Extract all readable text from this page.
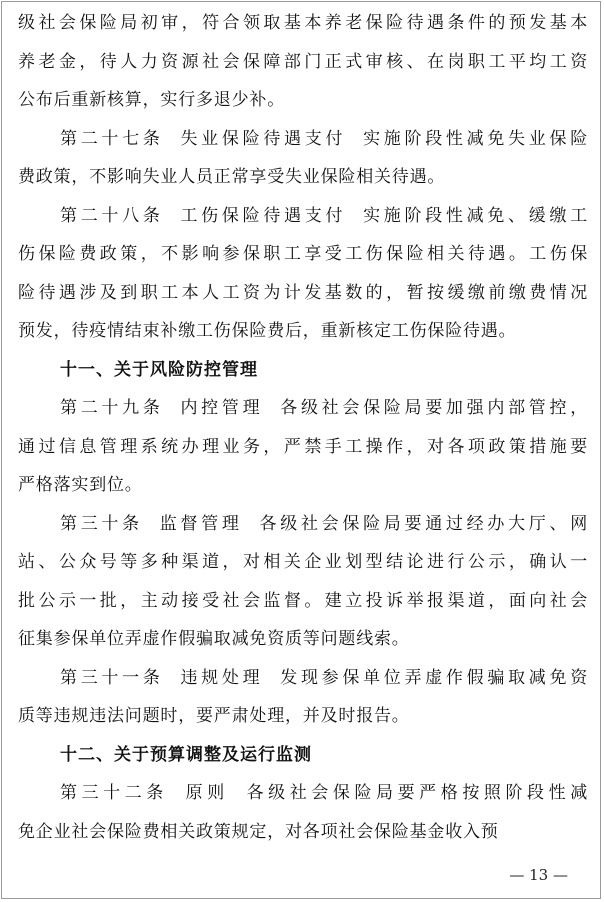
级社会保险局初审，符合领取基本养老保险待遇条件的预发基本
养老金，待人力资源社会保障部门正式审核、在岗职工平均工资
公布后重新核算，实行多退少补。
第二十七条 失业保险待遇支付 实施阶段性减免失业保险
费政策，不影响失业人员正常享受失业保险相关待遇。
第二十八条 工伤保险待遇支付 实施阶段性减免、缓缴工
伤保险费政策，不影响参保职工享受工伤保险相关待遇。工伤保
险待遇涉及到职工本人工资为计发基数的，暂按缓缴前缴费情况
预发，待疫情结束补缴工伤保险费后，重新核定工伤保险待遇。
十一、关于风险防控管理
第二十九条 内控管理 各级社会保险局要加强内部管控，
通过信息管理系统办理业务，严禁手工操作，对各项政策措施要
严格落实到位。
第三十条 监督管理 各级社会保险局要通过经办大厅、网
站、公众号等多种渠道，对相关企业划型结论进行公示，确认一
批公示一批，主动接受社会监督。建立投诉举报渠道，面向社会
征集参保单位弄虚作假骗取减免资质等问题线索。
第三十一条 违规处理 发现参保单位弄虚作假骗取减免资
质等违规违法问题时，要严肃处理，并及时报告。
十二、关于预算调整及运行监测
第三十二条 原则 各级社会保险局要严格按照阶段性减
免企业社会保险费相关政策规定，对各项社会保险基金收入预
— 13 —
